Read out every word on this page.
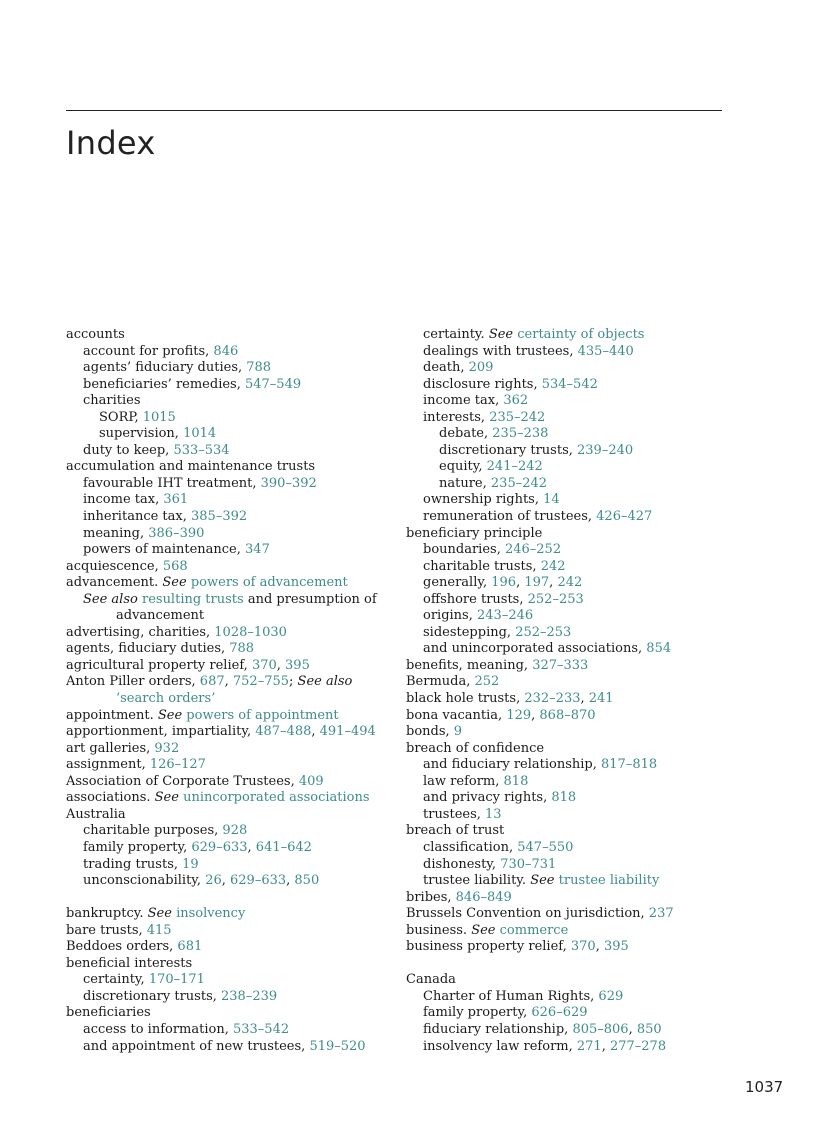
Index
accounts
account for profits, 846
agents’ fiduciary duties, 788
beneficiaries’ remedies, 547–549
charities
SORP, 1015
supervision, 1014
duty to keep, 533–534
accumulation and maintenance trusts
favourable IHT treatment, 390–392
income tax, 361
inheritance tax, 385–392
meaning, 386–390
powers of maintenance, 347
acquiescence, 568
advancement. See powers of advancement
See also resulting trusts and presumption of
advancement
advertising, charities, 1028–1030
agents, fiduciary duties, 788
agricultural property relief, 370, 395
Anton Piller orders, 687, 752–755; See also
‘search orders’
appointment. See powers of appointment
apportionment, impartiality, 487–488, 491–494
art galleries, 932
assignment, 126–127
Association of Corporate Trustees, 409
associations. See unincorporated associations
Australia
charitable purposes, 928
family property, 629–633, 641–642
trading trusts, 19
unconscionability, 26, 629–633, 850
bankruptcy. See insolvency
bare trusts, 415
Beddoes orders, 681
beneficial interests
certainty, 170–171
discretionary trusts, 238–239
beneficiaries
access to information, 533–542
and appointment of new trustees, 519–520
certainty. See certainty of objects
dealings with trustees, 435–440
death, 209
disclosure rights, 534–542
income tax, 362
interests, 235–242
debate, 235–238
discretionary trusts, 239–240
equity, 241–242
nature, 235–242
ownership rights, 14
remuneration of trustees, 426–427
beneficiary principle
boundaries, 246–252
charitable trusts, 242
generally, 196, 197, 242
offshore trusts, 252–253
origins, 243–246
sidestepping, 252–253
and unincorporated associations, 854
benefits, meaning, 327–333
Bermuda, 252
black hole trusts, 232–233, 241
bona vacantia, 129, 868–870
bonds, 9
breach of confidence
and fiduciary relationship, 817–818
law reform, 818
and privacy rights, 818
trustees, 13
breach of trust
classification, 547–550
dishonesty, 730–731
trustee liability. See trustee liability
bribes, 846–849
Brussels Convention on jurisdiction, 237
business. See commerce
business property relief, 370, 395
Canada
Charter of Human Rights, 629
family property, 626–629
fiduciary relationship, 805–806, 850
insolvency law reform, 271, 277–278
1037
